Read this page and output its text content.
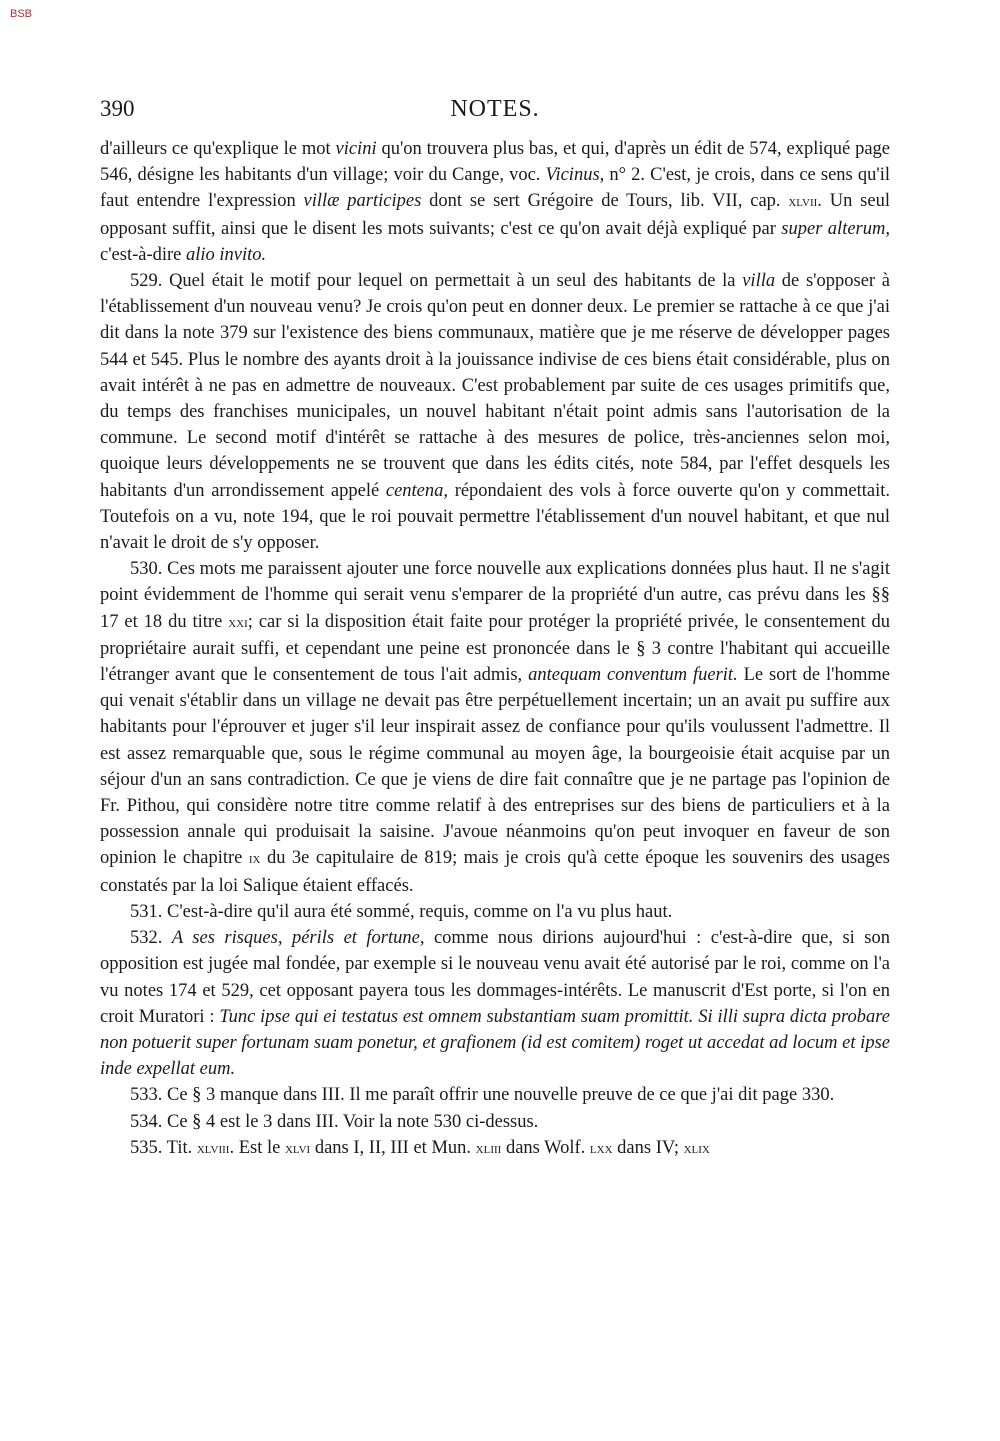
BSB
390	NOTES.

d'ailleurs ce qu'explique le mot vicini qu'on trouvera plus bas, et qui, d'après un édit de 574, expliqué page 546, désigne les habitants d'un village; voir du Cange, voc. Vicinus, n° 2. C'est, je crois, dans ce sens qu'il faut entendre l'expression villæ participes dont se sert Grégoire de Tours, lib. VII, cap. xlvii. Un seul opposant suffit, ainsi que le disent les mots suivants; c'est ce qu'on avait déjà expliqué par super alterum, c'est-à-dire alio invito.

529. Quel était le motif pour lequel on permettait à un seul des habitants de la villa de s'opposer à l'établissement d'un nouveau venu? Je crois qu'on peut en donner deux. Le premier se rattache à ce que j'ai dit dans la note 379 sur l'existence des biens communaux, matière que je me réserve de développer pages 544 et 545. Plus le nombre des ayants droit à la jouissance indivise de ces biens était considérable, plus on avait intérêt à ne pas en admettre de nouveaux. C'est probablement par suite de ces usages primitifs que, du temps des franchises municipales, un nouvel habitant n'était point admis sans l'autorisation de la commune. Le second motif d'intérêt se rattache à des mesures de police, très-anciennes selon moi, quoique leurs développements ne se trouvent que dans les édits cités, note 584, par l'effet desquels les habitants d'un arrondissement appelé centena, répondaient des vols à force ouverte qu'on y commettait. Toutefois on a vu, note 194, que le roi pouvait permettre l'établissement d'un nouvel habitant, et que nul n'avait le droit de s'y opposer.

530. Ces mots me paraissent ajouter une force nouvelle aux explications données plus haut. Il ne s'agit point évidemment de l'homme qui serait venu s'emparer de la propriété d'un autre, cas prévu dans les §§ 17 et 18 du titre xxi; car si la disposition était faite pour protéger la propriété privée, le consentement du propriétaire aurait suffi, et cependant une peine est prononcée dans le § 3 contre l'habitant qui accueille l'étranger avant que le consentement de tous l'ait admis, antequam conventum fuerit. Le sort de l'homme qui venait s'établir dans un village ne devait pas être perpétuellement incertain; un an avait pu suffire aux habitants pour l'éprouver et juger s'il leur inspirait assez de confiance pour qu'ils voulussent l'admettre. Il est assez remarquable que, sous le régime communal au moyen âge, la bourgeoisie était acquise par un séjour d'un an sans contradiction. Ce que je viens de dire fait connaître que je ne partage pas l'opinion de Fr. Pithou, qui considère notre titre comme relatif à des entreprises sur des biens de particuliers et à la possession annale qui produisait la saisine. J'avoue néanmoins qu'on peut invoquer en faveur de son opinion le chapitre ix du 3e capitulaire de 819; mais je crois qu'à cette époque les souvenirs des usages constatés par la loi Salique étaient effacés.

531. C'est-à-dire qu'il aura été sommé, requis, comme on l'a vu plus haut.

532. A ses risques, périls et fortune, comme nous dirions aujourd'hui : c'est-à-dire que, si son opposition est jugée mal fondée, par exemple si le nouveau venu avait été autorisé par le roi, comme on l'a vu notes 174 et 529, cet opposant payera tous les dommages-intérêts. Le manuscrit d'Est porte, si l'on en croit Muratori : Tunc ipse qui ei testatus est omnem substantiam suam promittit. Si illi supra dicta probare non potuerit super fortunam suam ponetur, et grafionem (id est comitem) roget ut accedat ad locum et ipse inde expellat eum.

533. Ce § 3 manque dans III. Il me paraît offrir une nouvelle preuve de ce que j'ai dit page 330.

534. Ce § 4 est le 3 dans III. Voir la note 530 ci-dessus.

535. Tit. xlviii. Est le xlvi dans I, II, III et Mun. xliii dans Wolf. lxx dans IV; xlix
